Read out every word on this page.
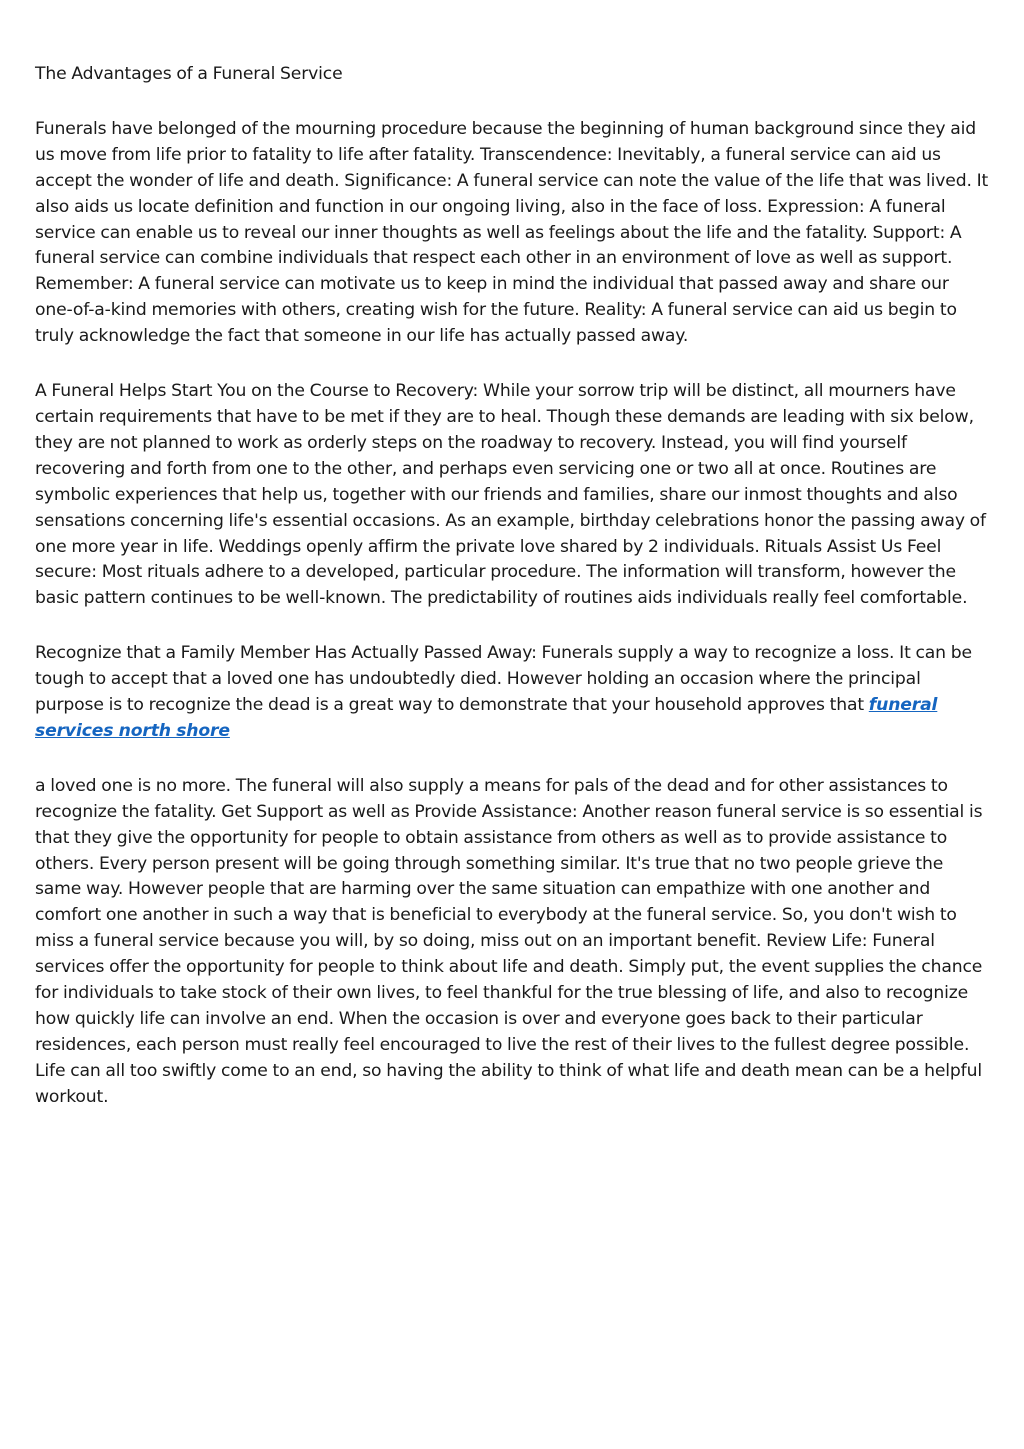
The Advantages of a Funeral Service

Funerals have belonged of the mourning procedure because the beginning of human background since they aid us move from life prior to fatality to life after fatality. Transcendence: Inevitably, a funeral service can aid us accept the wonder of life and death. Significance: A funeral service can note the value of the life that was lived. It also aids us locate definition and function in our ongoing living, also in the face of loss. Expression: A funeral service can enable us to reveal our inner thoughts as well as feelings about the life and the fatality. Support: A funeral service can combine individuals that respect each other in an environment of love as well as support. Remember: A funeral service can motivate us to keep in mind the individual that passed away and share our one-of-a-kind memories with others, creating wish for the future. Reality: A funeral service can aid us begin to truly acknowledge the fact that someone in our life has actually passed away.

A Funeral Helps Start You on the Course to Recovery: While your sorrow trip will be distinct, all mourners have certain requirements that have to be met if they are to heal. Though these demands are leading with six below, they are not planned to work as orderly steps on the roadway to recovery. Instead, you will find yourself recovering and forth from one to the other, and perhaps even servicing one or two all at once. Routines are symbolic experiences that help us, together with our friends and families, share our inmost thoughts and also sensations concerning life's essential occasions. As an example, birthday celebrations honor the passing away of one more year in life. Weddings openly affirm the private love shared by 2 individuals. Rituals Assist Us Feel secure: Most rituals adhere to a developed, particular procedure. The information will transform, however the basic pattern continues to be well-known. The predictability of routines aids individuals really feel comfortable.

Recognize that a Family Member Has Actually Passed Away: Funerals supply a way to recognize a loss. It can be tough to accept that a loved one has undoubtedly died. However holding an occasion where the principal purpose is to recognize the dead is a great way to demonstrate that your household approves that funeral services north shore

a loved one is no more. The funeral will also supply a means for pals of the dead and for other assistances to recognize the fatality. Get Support as well as Provide Assistance: Another reason funeral service is so essential is that they give the opportunity for people to obtain assistance from others as well as to provide assistance to others. Every person present will be going through something similar. It's true that no two people grieve the same way. However people that are harming over the same situation can empathize with one another and comfort one another in such a way that is beneficial to everybody at the funeral service. So, you don't wish to miss a funeral service because you will, by so doing, miss out on an important benefit. Review Life: Funeral services offer the opportunity for people to think about life and death. Simply put, the event supplies the chance for individuals to take stock of their own lives, to feel thankful for the true blessing of life, and also to recognize how quickly life can involve an end. When the occasion is over and everyone goes back to their particular residences, each person must really feel encouraged to live the rest of their lives to the fullest degree possible. Life can all too swiftly come to an end, so having the ability to think of what life and death mean can be a helpful workout.
